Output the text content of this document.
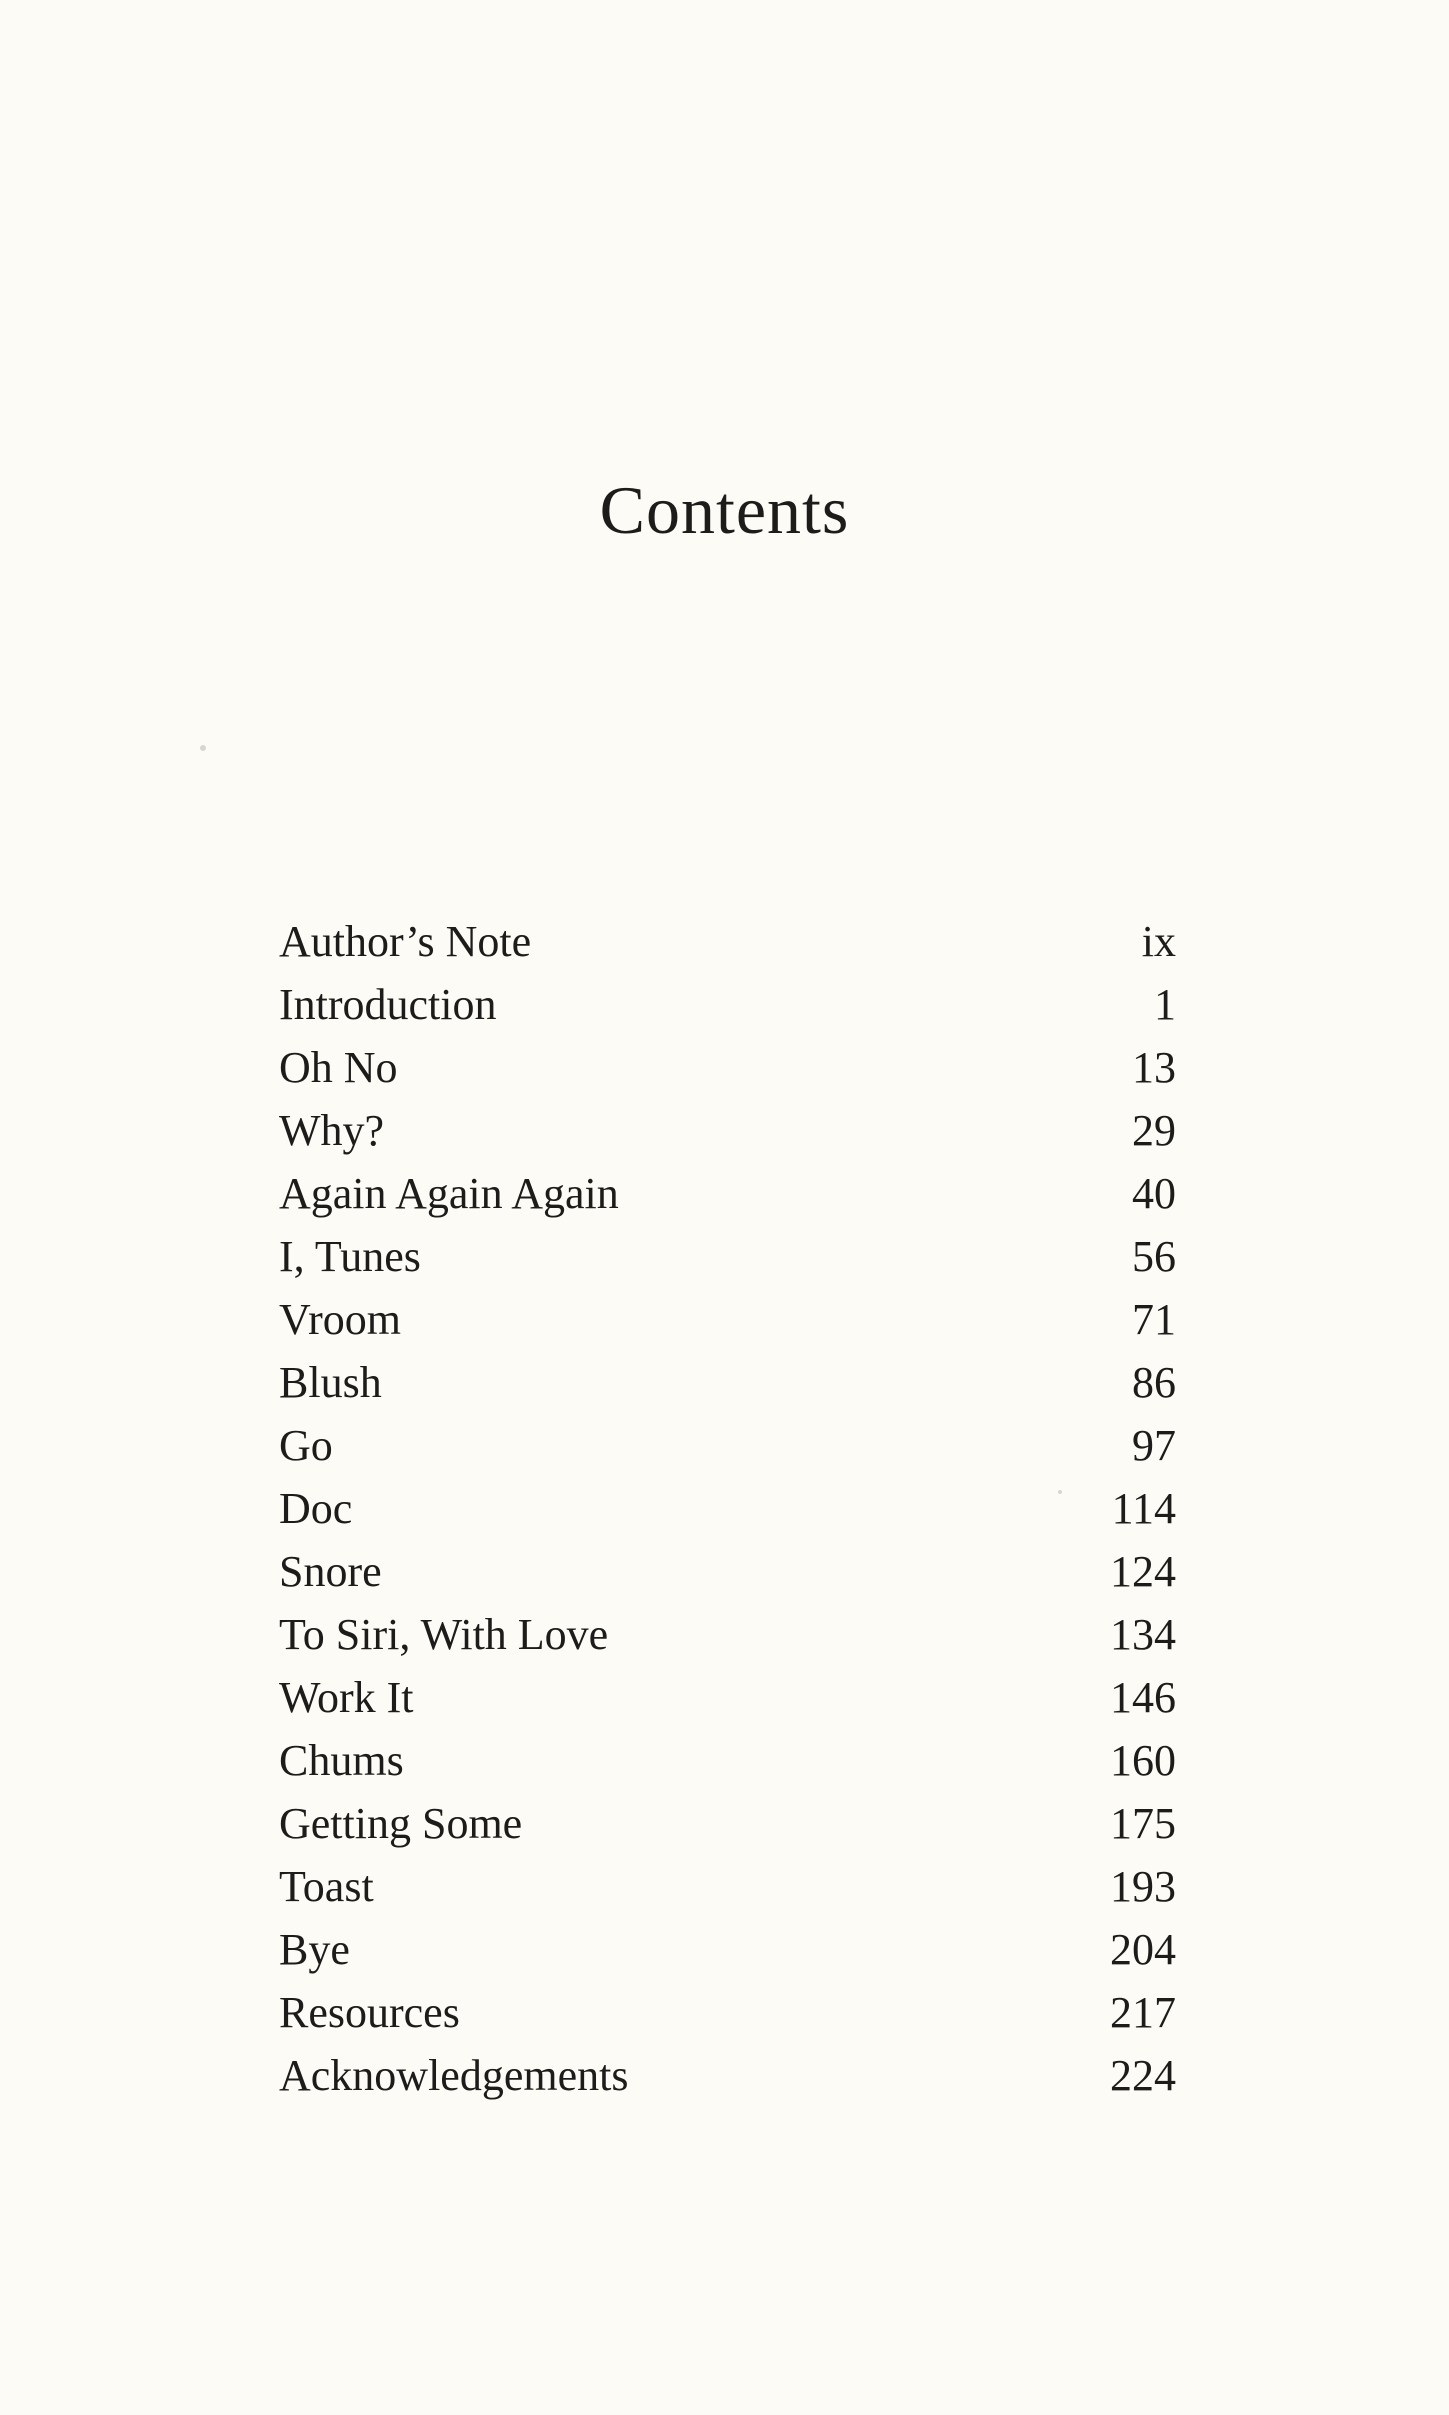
Contents
Author’s Note	ix
Introduction	1
Oh No	13
Why?	29
Again Again Again	40
I, Tunes	56
Vroom	71
Blush	86
Go	97
Doc	114
Snore	124
To Siri, With Love	134
Work It	146
Chums	160
Getting Some	175
Toast	193
Bye	204
Resources	217
Acknowledgements	224
